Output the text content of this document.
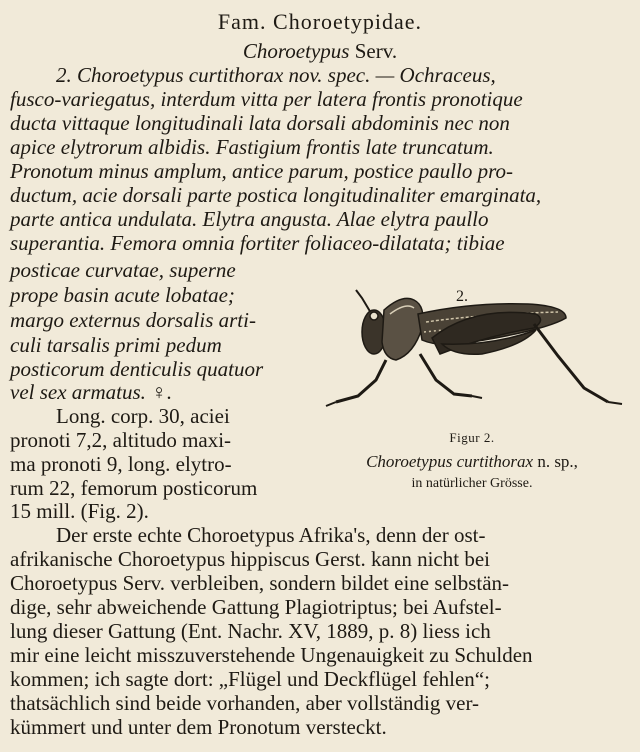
Fam. Choroetypidae.
Choroetypus Serv.
2. Choroetypus curtithorax nov. spec. — Ochraceus,
fusco-variegatus, interdum vitta per latera frontis pronotique
ducta vittaque longitudinali lata dorsali abdominis nec non
apice elytrorum albidis. Fastigium frontis late truncatum.
Pronotum minus amplum, antice parum, postice paullo pro-
ductum, acie dorsali parte postica longitudinaliter emarginata,
parte antica undulata. Elytra angusta. Alae elytra paullo
superantia. Femora omnia fortiter foliaceo-dilatata; tibiae
posticae curvatae, superne
prope basin acute lobatae;
margo externus dorsalis arti-
culi tarsalis primi pedum
posticorum denticulis quatuor
vel sex armatus. ♀.
Long. corp. 30, aciei
pronoti 7,2, altitudo maxi-
ma pronoti 9, long. elytro-
rum 22, femorum posticorum
15 mill. (Fig. 2).
2.
Figur 2.
Choroetypus curtithorax n. sp.,
in natürlicher Grösse.
Der erste echte Choroetypus Afrika's, denn der ost-
afrikanische Choroetypus hippiscus Gerst. kann nicht bei
Choroetypus Serv. verbleiben, sondern bildet eine selbstän-
dige, sehr abweichende Gattung Plagiotriptus; bei Aufstel-
lung dieser Gattung (Ent. Nachr. XV, 1889, p. 8) liess ich
mir eine leicht misszuverstehende Ungenauigkeit zu Schulden
kommen; ich sagte dort: „Flügel und Deckflügel fehlen“;
thatsächlich sind beide vorhanden, aber vollständig ver-
kümmert und unter dem Pronotum versteckt.
